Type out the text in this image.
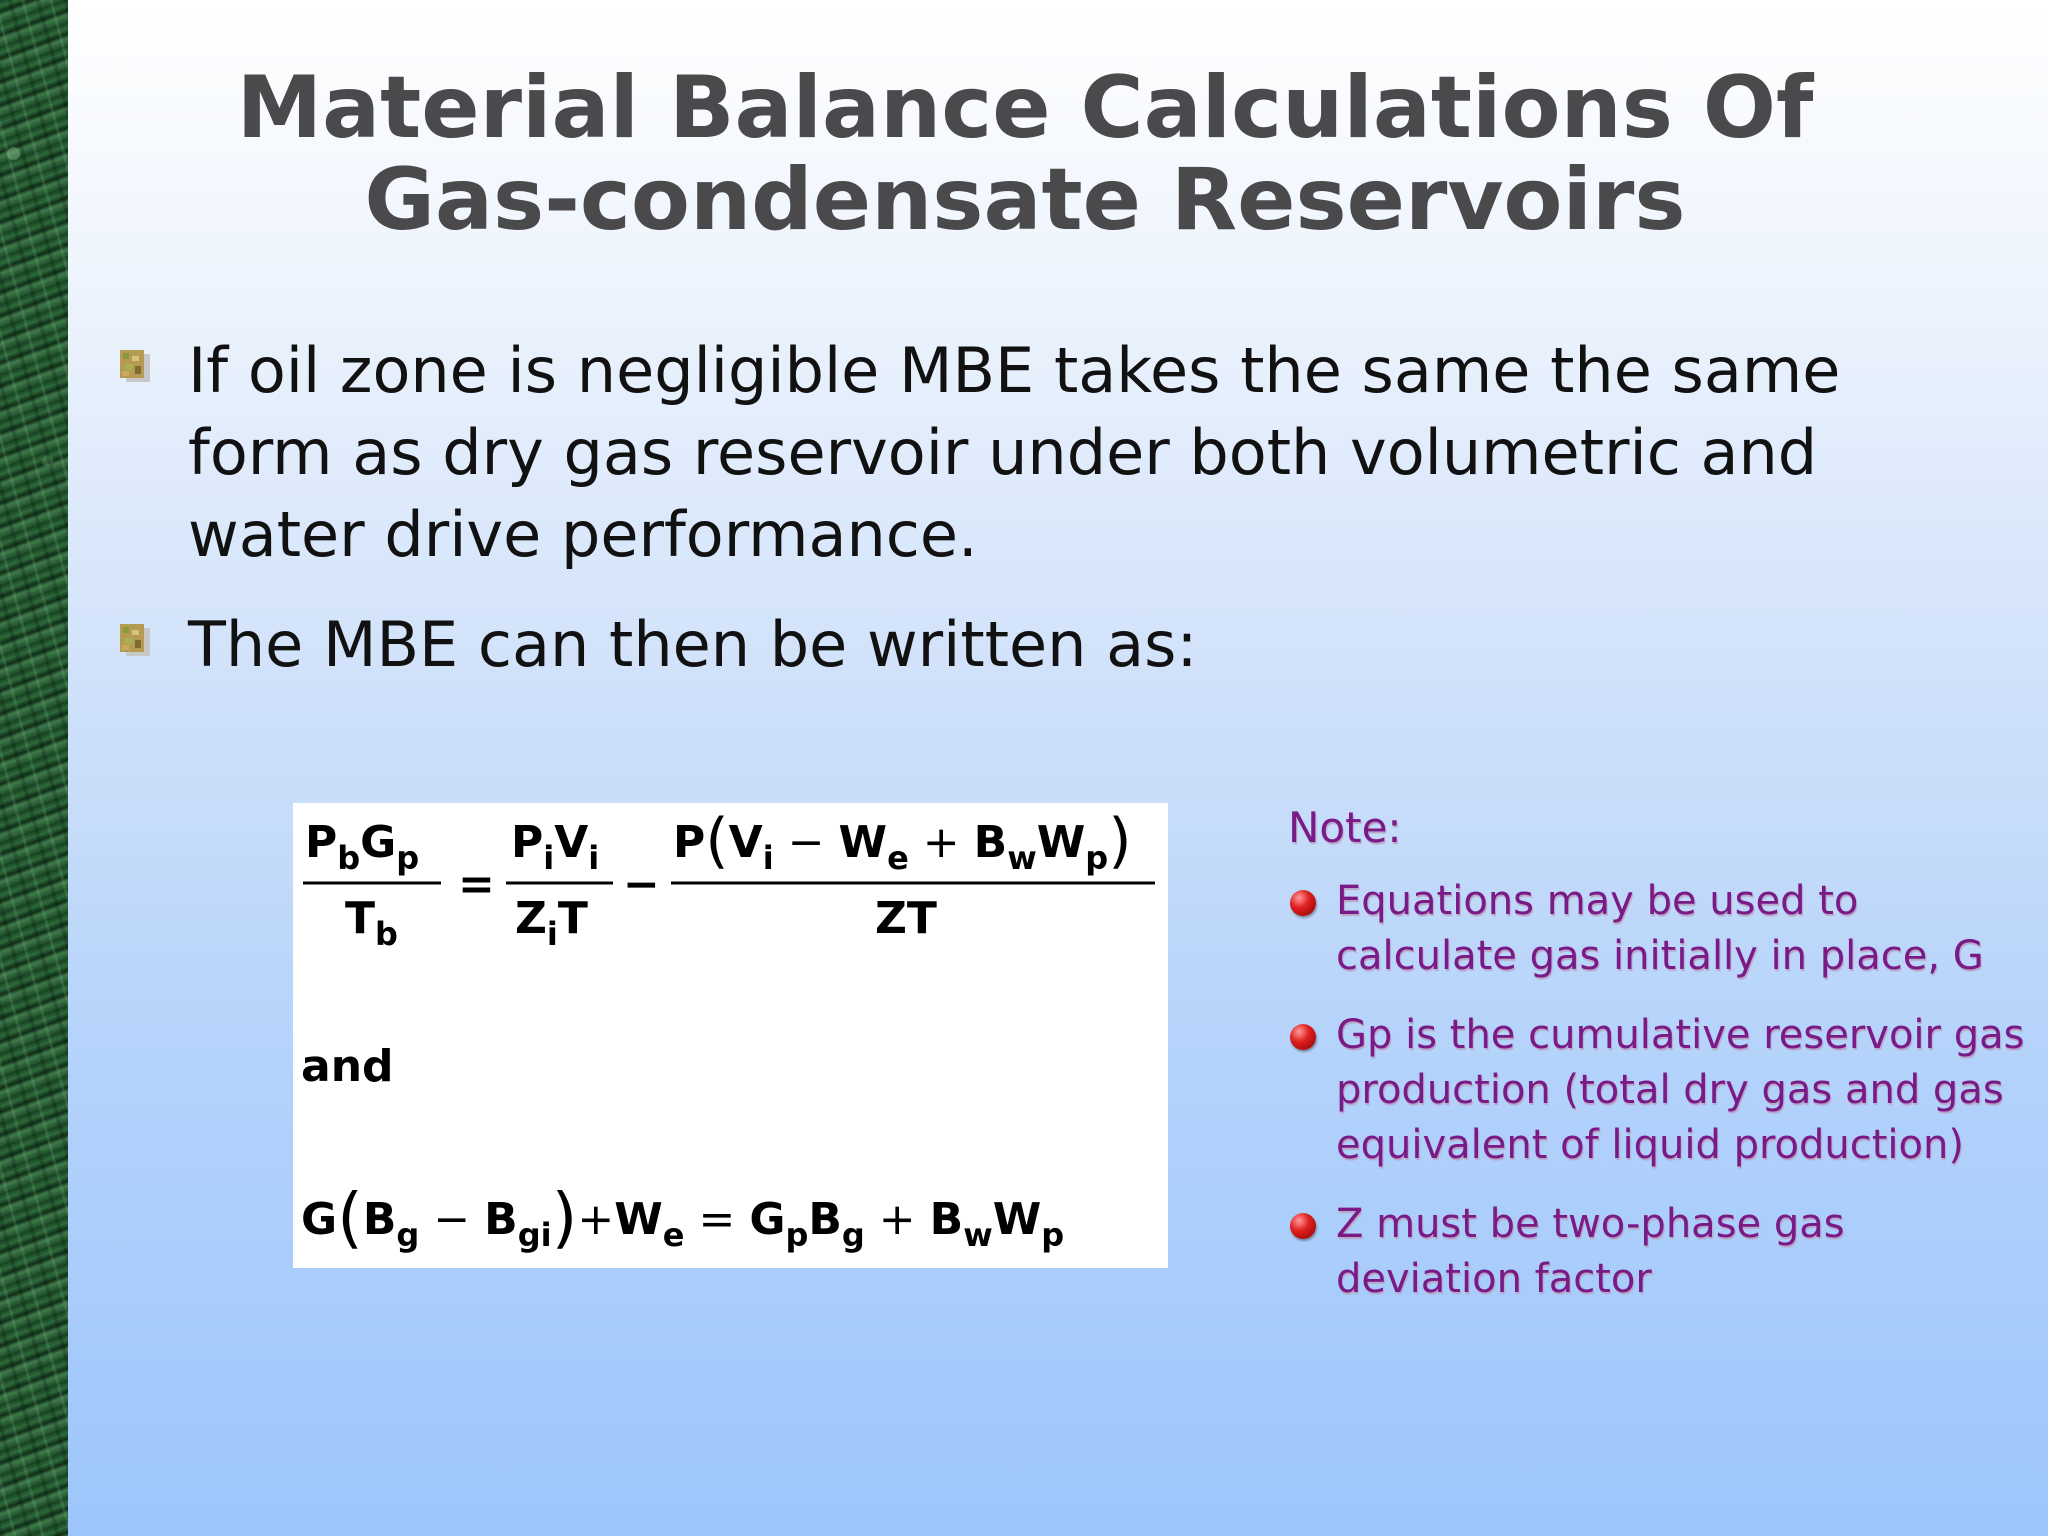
Material Balance Calculations Of Gas-condensate Reservoirs
If oil zone is negligible MBE takes the same the same form as dry gas reservoir under both volumetric and water drive performance.
The MBE can then be written as:
$P_bG_p$
$T_b$
=
$P_iV_i$
$Z_iT$
−
$P(V_i - W_e + B_wW_p)$
ZT
and
$G(B_g - B_{gi})+W_e = G_pB_g + B_wW_p$

Note:

Equations may be used to calculate gas initially in place, G
Gp is the cumulative reservoir gas production (total dry gas and gas equivalent of liquid production)
Z must be two-phase gas deviation factor
